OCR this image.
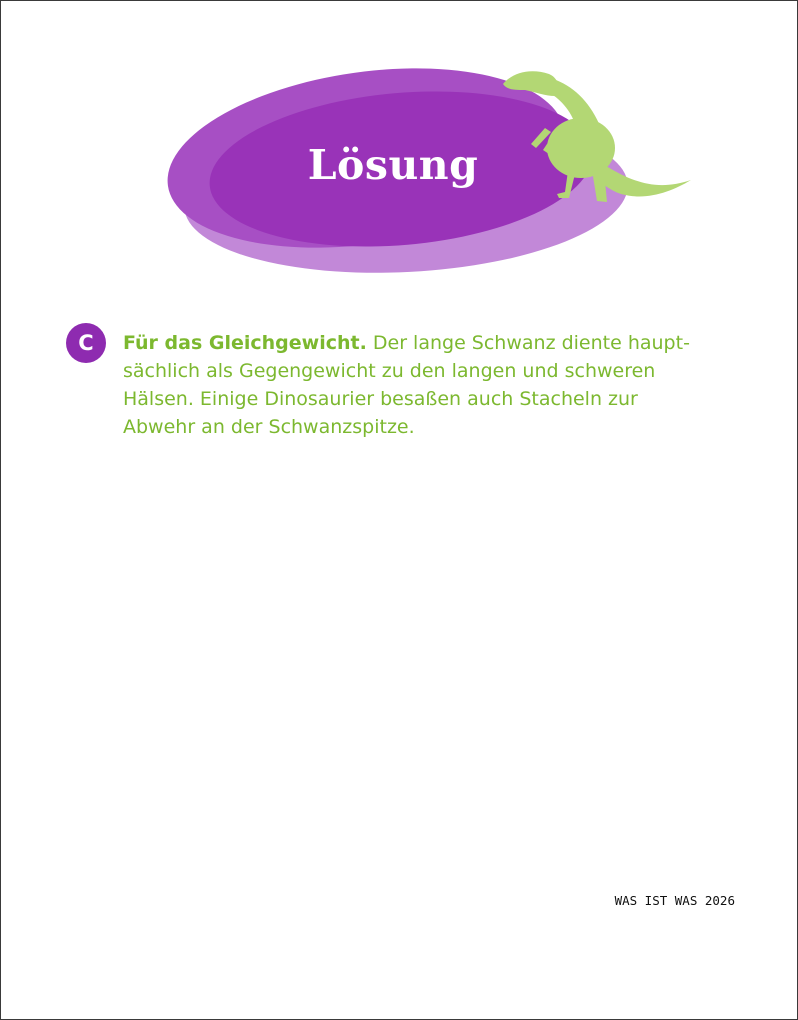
Lösung
C	Für das Gleichgewicht. Der lange Schwanz diente haupt-
sächlich als Gegengewicht zu den langen und schweren Hälsen. Einige Dinosaurier besaßen auch Stacheln zur Abwehr an der Schwanzspitze.

WAS IST WAS 2026
